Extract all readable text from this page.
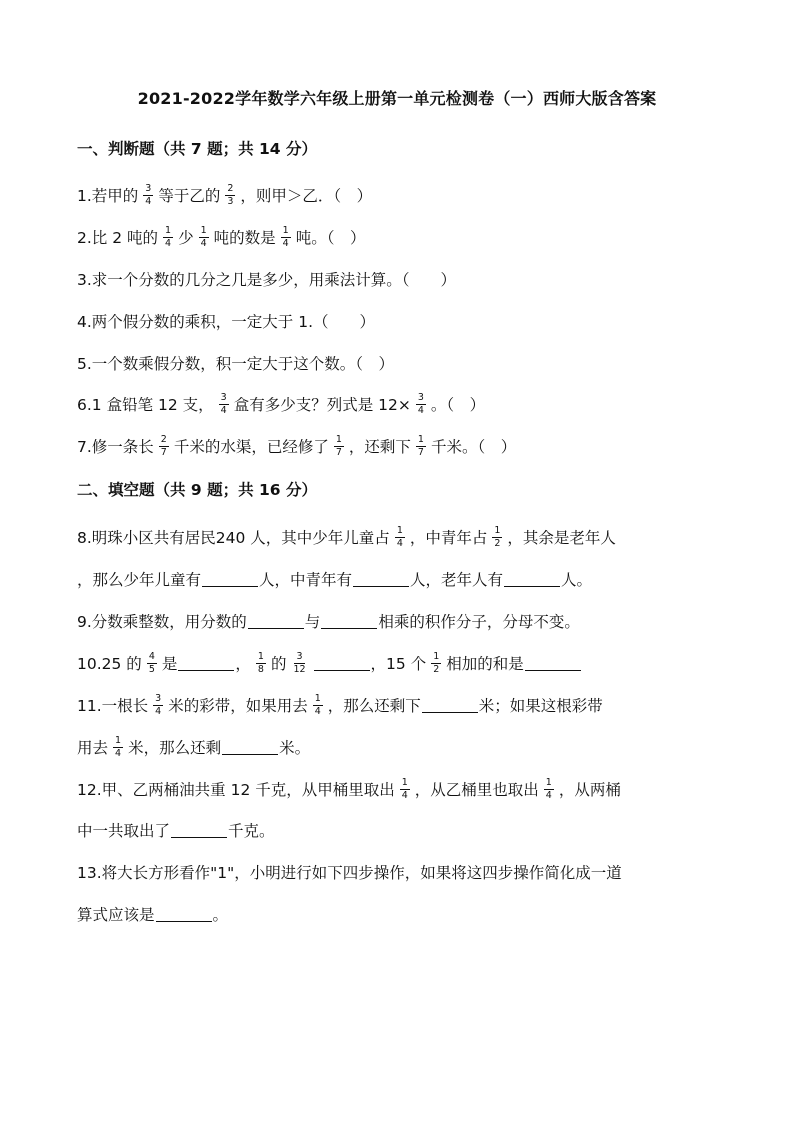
2021-2022学年数学六年级上册第一单元检测卷（一）西师大版含答案
一、判断题（共 7 题；共 14 分）
1.若甲的 $\frac{3}{4}$ 等于乙的 $\frac{2}{3}$ ，则甲＞乙．（　）
2.比 2 吨的 $\frac{1}{4}$ 少 $\frac{1}{4}$ 吨的数是 $\frac{1}{4}$ 吨。（　）
3.求一个分数的几分之几是多少，用乘法计算。（　　）
4.两个假分数的乘积，一定大于 1.（　　）
5.一个数乘假分数，积一定大于这个数。（　）
6.1 盒铅笔 12 支， $\frac{3}{4}$ 盒有多少支？列式是 $12\times \frac{3}{4}$ 。（　）
7.修一条长 $\frac{2}{7}$ 千米的水渠，已经修了 $\frac{1}{7}$ ，还剩下 $\frac{1}{7}$ 千米。（　）
二、填空题（共 9 题；共 16 分）
8.明珠小区共有居民240 人，其中少年儿童占 $\frac{1}{4}$ ，中青年占 $\frac{1}{2}$ ，其余是老年人
，那么少年儿童有	人，中青年有	人，老年人有	人。
9.分数乘整数，用分数的	与	相乘的积作分子，分母不变。
10.25 的 $\frac{4}{5}$ 是	， $\frac{1}{8}$ 的 $\frac{3}{12}$	，15 个 $\frac{1}{2}$ 相加的和是
11.一根长 $\frac{3}{4}$ 米的彩带，如果用去 $\frac{1}{4}$ ，那么还剩下	米；如果这根彩带
用去 $\frac{1}{4}$ 米，那么还剩	米。
12.甲、乙两桶油共重 12 千克，从甲桶里取出 $\frac{1}{4}$ ，从乙桶里也取出 $\frac{1}{4}$ ，从两桶
中一共取出了	千克。
13.将大长方形看作"1"，小明进行如下四步操作，如果将这四步操作简化成一道
算式应该是	。
